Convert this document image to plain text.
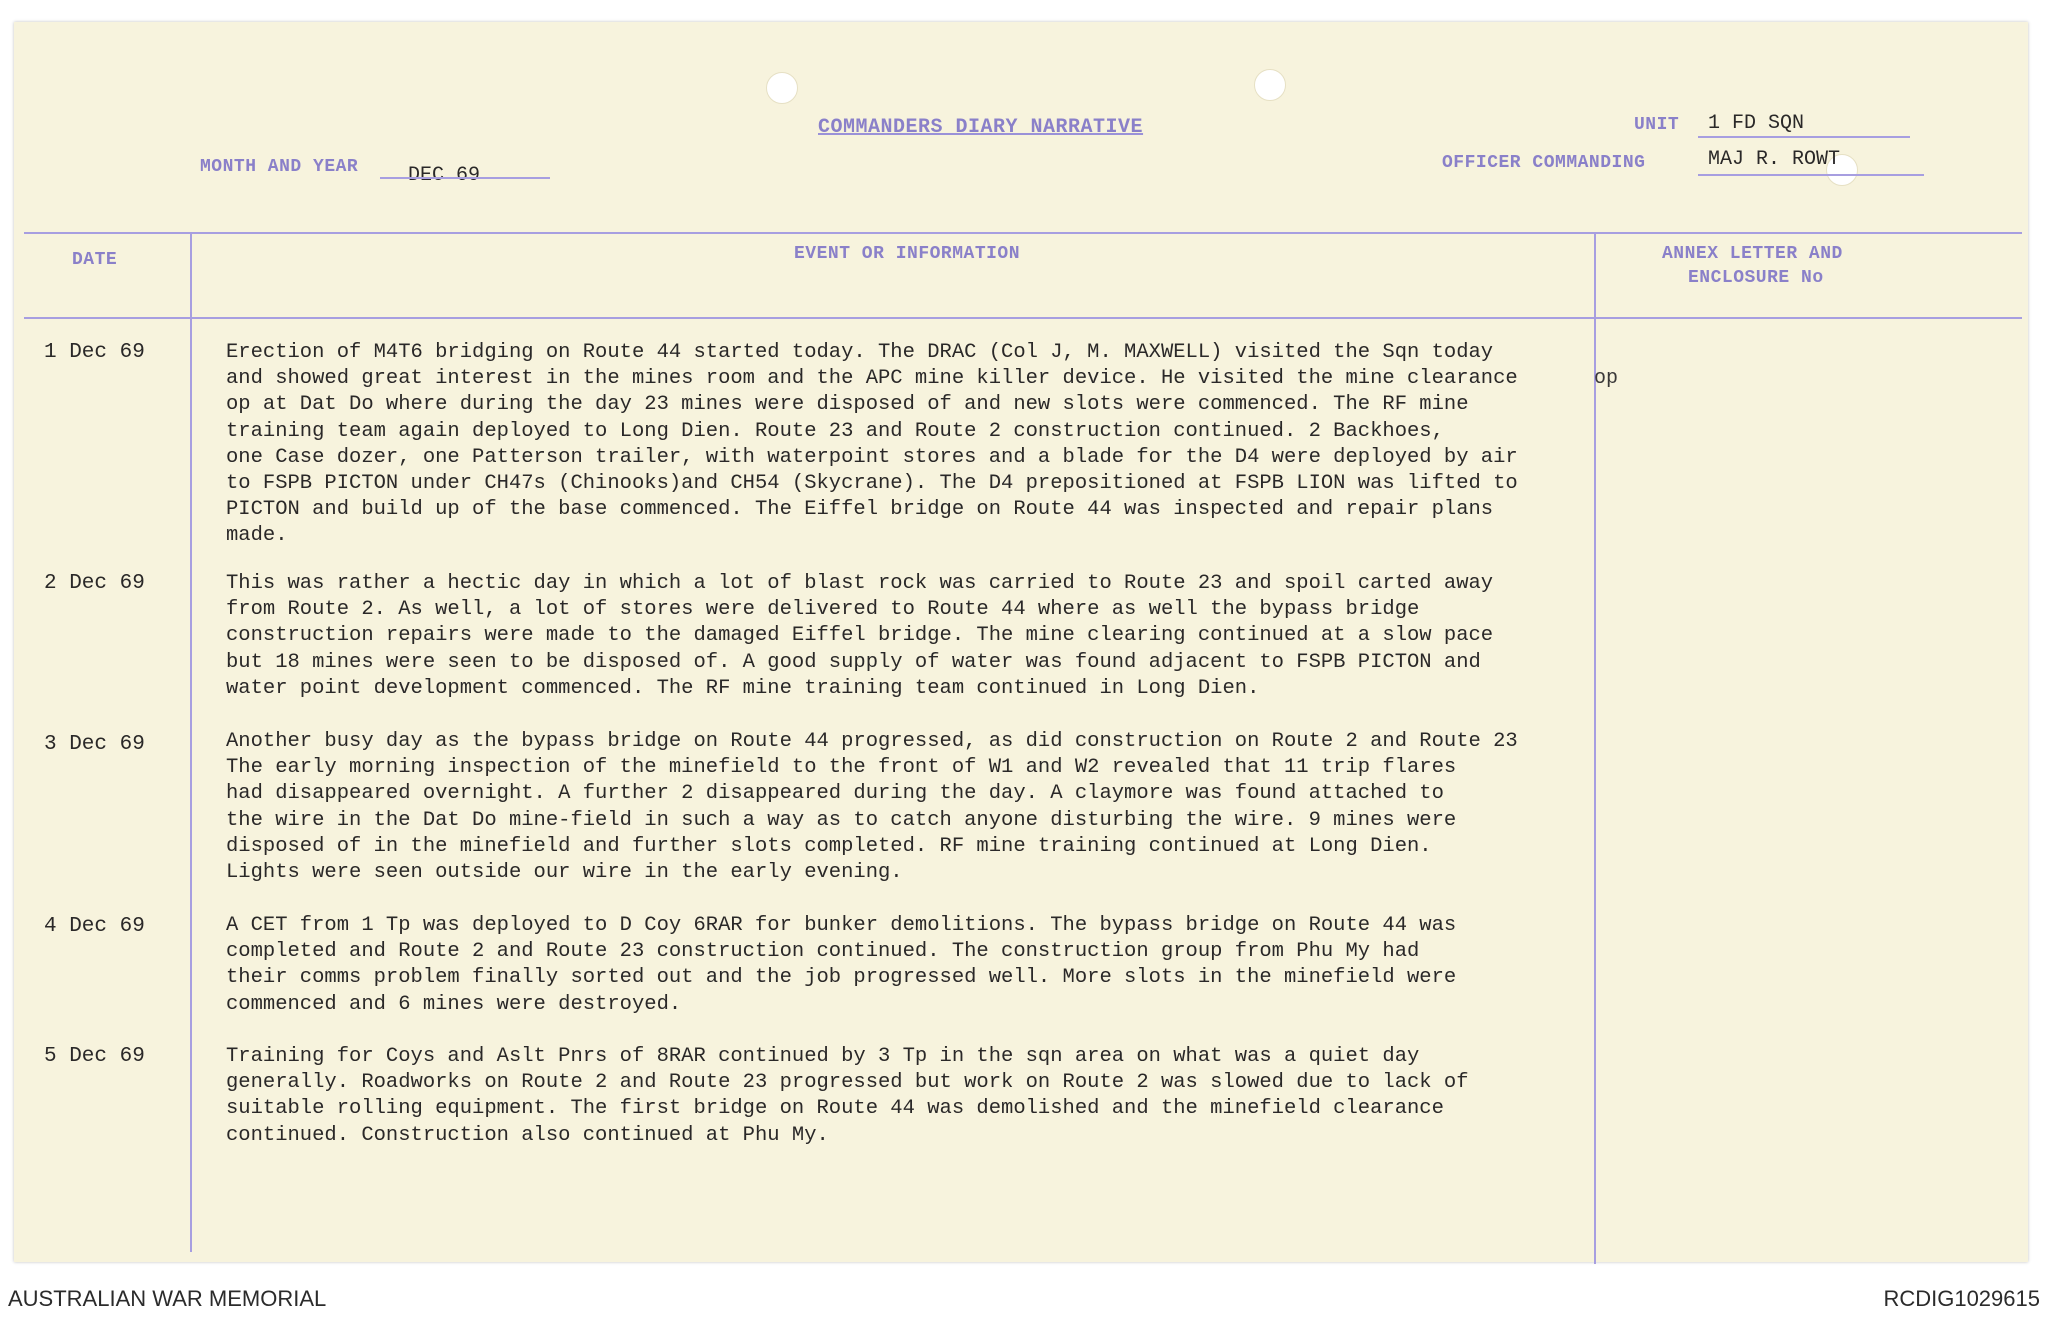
COMMANDERS DIARY NARRATIVE
MONTH AND YEAR DEC 69
UNIT 1 FD SQN
OFFICER COMMANDING	MAJ R. ROWT
DATE	EVENT OR INFORMATION	ANNEX LETTER AND
ENCLOSURE No
1 Dec 69	Erection of M4T6 bridging on Route 44 started today. The DRAC (Col J, M. MAXWELL) visited the Sqn today
and showed great interest in the mines room and the APC mine killer device. He visited the mine clearance
op at Dat Do where during the day 23 mines were disposed of and new slots were commenced. The RF mine
training team again deployed to Long Dien. Route 23 and Route 2 construction continued. 2 Backhoes,
one Case dozer, one Patterson trailer, with waterpoint stores and a blade for the D4 were deployed by air
to FSPB PICTON under CH47s (Chinooks)and CH54 (Skycrane). The D4 prepositioned at FSPB LION was lifted to
PICTON and build up of the base commenced. The Eiffel bridge on Route 44 was inspected and repair plans
made.
op
2 Dec 69	This was rather a hectic day in which a lot of blast rock was carried to Route 23 and spoil carted away
from Route 2. As well, a lot of stores were delivered to Route 44 where as well the bypass bridge
construction repairs were made to the damaged Eiffel bridge. The mine clearing continued at a slow pace
but 18 mines were seen to be disposed of. A good supply of water was found adjacent to FSPB PICTON and
water point development commenced. The RF mine training team continued in Long Dien.
3 Dec 69	Another busy day as the bypass bridge on Route 44 progressed, as did construction on Route 2 and Route 23
The early morning inspection of the minefield to the front of W1 and W2 revealed that 11 trip flares
had disappeared overnight. A further 2 disappeared during the day. A claymore was found attached to
the wire in the Dat Do mine-field in such a way as to catch anyone disturbing the wire. 9 mines were
disposed of in the minefield and further slots completed. RF mine training continued at Long Dien.
Lights were seen outside our wire in the early evening.
4 Dec 69	A CET from 1 Tp was deployed to D Coy 6RAR for bunker demolitions. The bypass bridge on Route 44 was
completed and Route 2 and Route 23 construction continued. The construction group from Phu My had
their comms problem finally sorted out and the job progressed well. More slots in the minefield were
commenced and 6 mines were destroyed.
5 Dec 69	Training for Coys and Aslt Pnrs of 8RAR continued by 3 Tp in the sqn area on what was a quiet day
generally. Roadworks on Route 2 and Route 23 progressed but work on Route 2 was slowed due to lack of
suitable rolling equipment. The first bridge on Route 44 was demolished and the minefield clearance
continued. Construction also continued at Phu My.
AUSTRALIAN WAR MEMORIAL	RCDIG1029615
